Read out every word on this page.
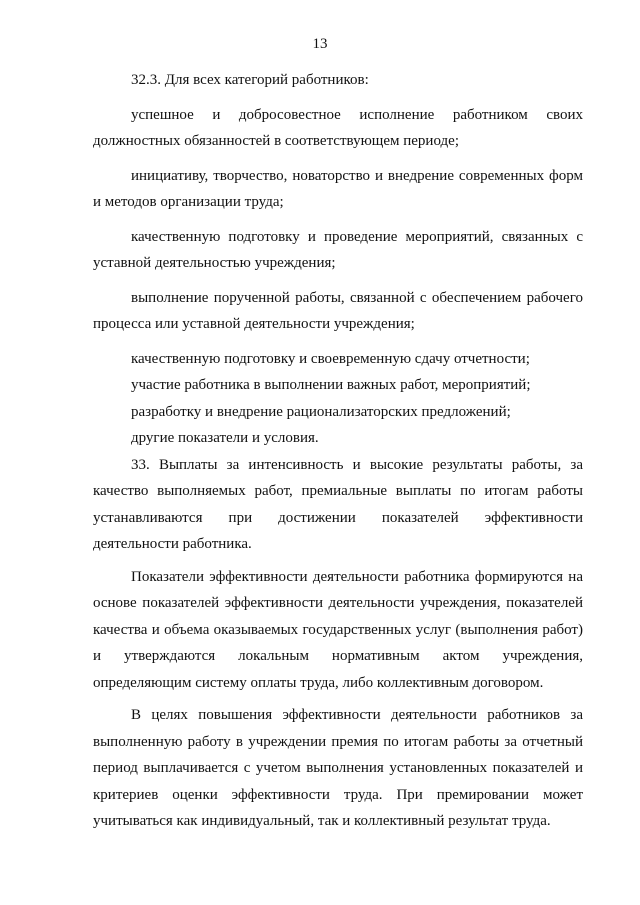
13

32.3. Для всех категорий работников:

успешное и добросовестное исполнение работником своих должностных обязанностей в соответствующем периоде;

инициативу, творчество, новаторство и внедрение современных форм и методов организации труда;

качественную подготовку и проведение мероприятий, связанных с уставной деятельностью учреждения;

выполнение порученной работы, связанной с обеспечением рабочего процесса или уставной деятельности учреждения;

качественную подготовку и своевременную сдачу отчетности;

участие работника в выполнении важных работ, мероприятий;

разработку и внедрение рационализаторских предложений;

другие показатели и условия.

33. Выплаты за интенсивность и высокие результаты работы, за качество выполняемых работ, премиальные выплаты по итогам работы устанавливаются при достижении показателей эффективности деятельности работника.

Показатели эффективности деятельности работника формируются на основе показателей эффективности деятельности учреждения, показателей качества и объема оказываемых государственных услуг (выполнения работ) и утверждаются локальным нормативным актом учреждения, определяющим систему оплаты труда, либо коллективным договором.

В целях повышения эффективности деятельности работников за выполненную работу в учреждении премия по итогам работы за отчетный период выплачивается с учетом выполнения установленных показателей и критериев оценки эффективности труда. При премировании может учитываться как индивидуальный, так и коллективный результат труда.
